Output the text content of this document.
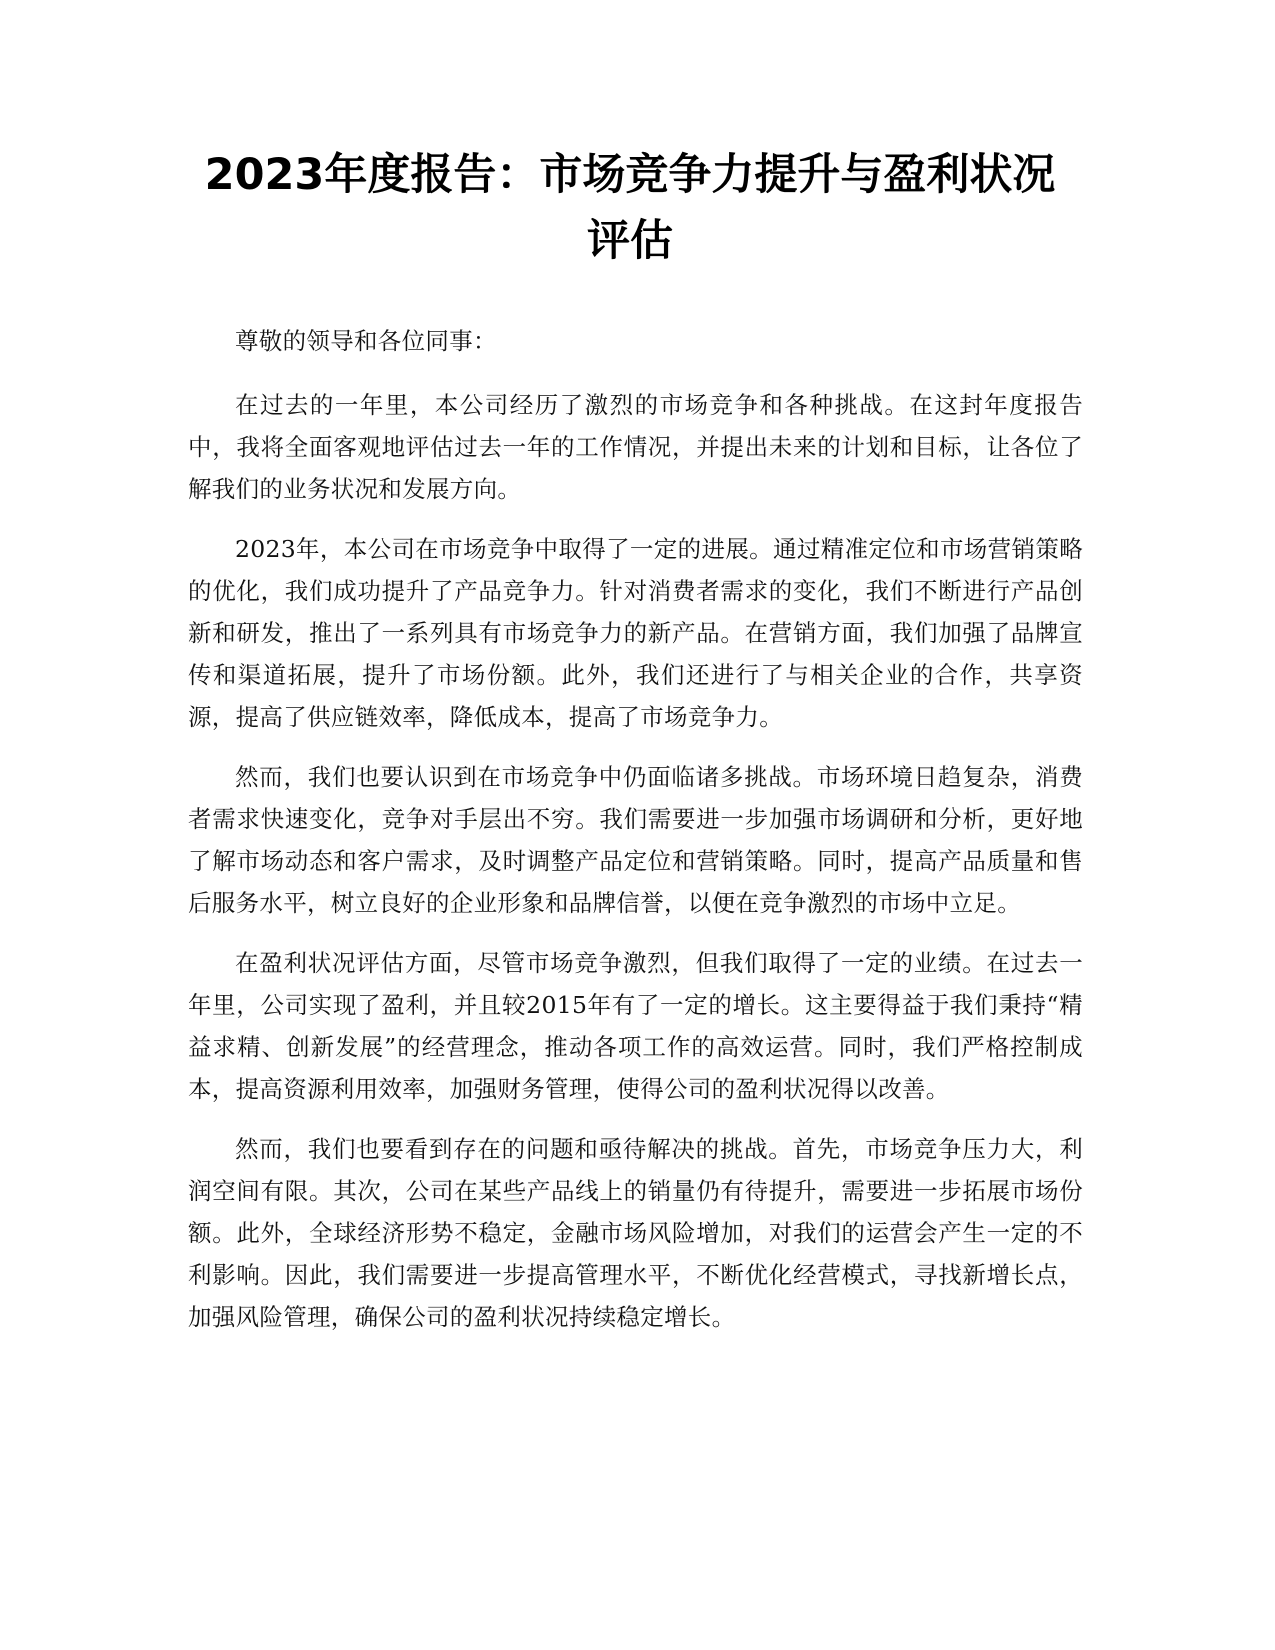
2023年度报告：市场竞争力提升与盈利状况

评估

尊敬的领导和各位同事：

在过去的一年里，本公司经历了激烈的市场竞争和各种挑战。在这封年度报告中，我将全面客观地评估过去一年的工作情况，并提出未来的计划和目标，让各位了解我们的业务状况和发展方向。

2023年，本公司在市场竞争中取得了一定的进展。通过精准定位和市场营销策略的优化，我们成功提升了产品竞争力。针对消费者需求的变化，我们不断进行产品创新和研发，推出了一系列具有市场竞争力的新产品。在营销方面，我们加强了品牌宣传和渠道拓展，提升了市场份额。此外，我们还进行了与相关企业的合作，共享资源，提高了供应链效率，降低成本，提高了市场竞争力。

然而，我们也要认识到在市场竞争中仍面临诸多挑战。市场环境日趋复杂，消费者需求快速变化，竞争对手层出不穷。我们需要进一步加强市场调研和分析，更好地了解市场动态和客户需求，及时调整产品定位和营销策略。同时，提高产品质量和售后服务水平，树立良好的企业形象和品牌信誉，以便在竞争激烈的市场中立足。

在盈利状况评估方面，尽管市场竞争激烈，但我们取得了一定的业绩。在过去一年里，公司实现了盈利，并且较2015年有了一定的增长。这主要得益于我们秉持“精益求精、创新发展”的经营理念，推动各项工作的高效运营。同时，我们严格控制成本，提高资源利用效率，加强财务管理，使得公司的盈利状况得以改善。

然而，我们也要看到存在的问题和亟待解决的挑战。首先，市场竞争压力大，利润空间有限。其次，公司在某些产品线上的销量仍有待提升，需要进一步拓展市场份额。此外，全球经济形势不稳定，金融市场风险增加，对我们的运营会产生一定的不利影响。因此，我们需要进一步提高管理水平，不断优化经营模式，寻找新增长点，加强风险管理，确保公司的盈利状况持续稳定增长。
